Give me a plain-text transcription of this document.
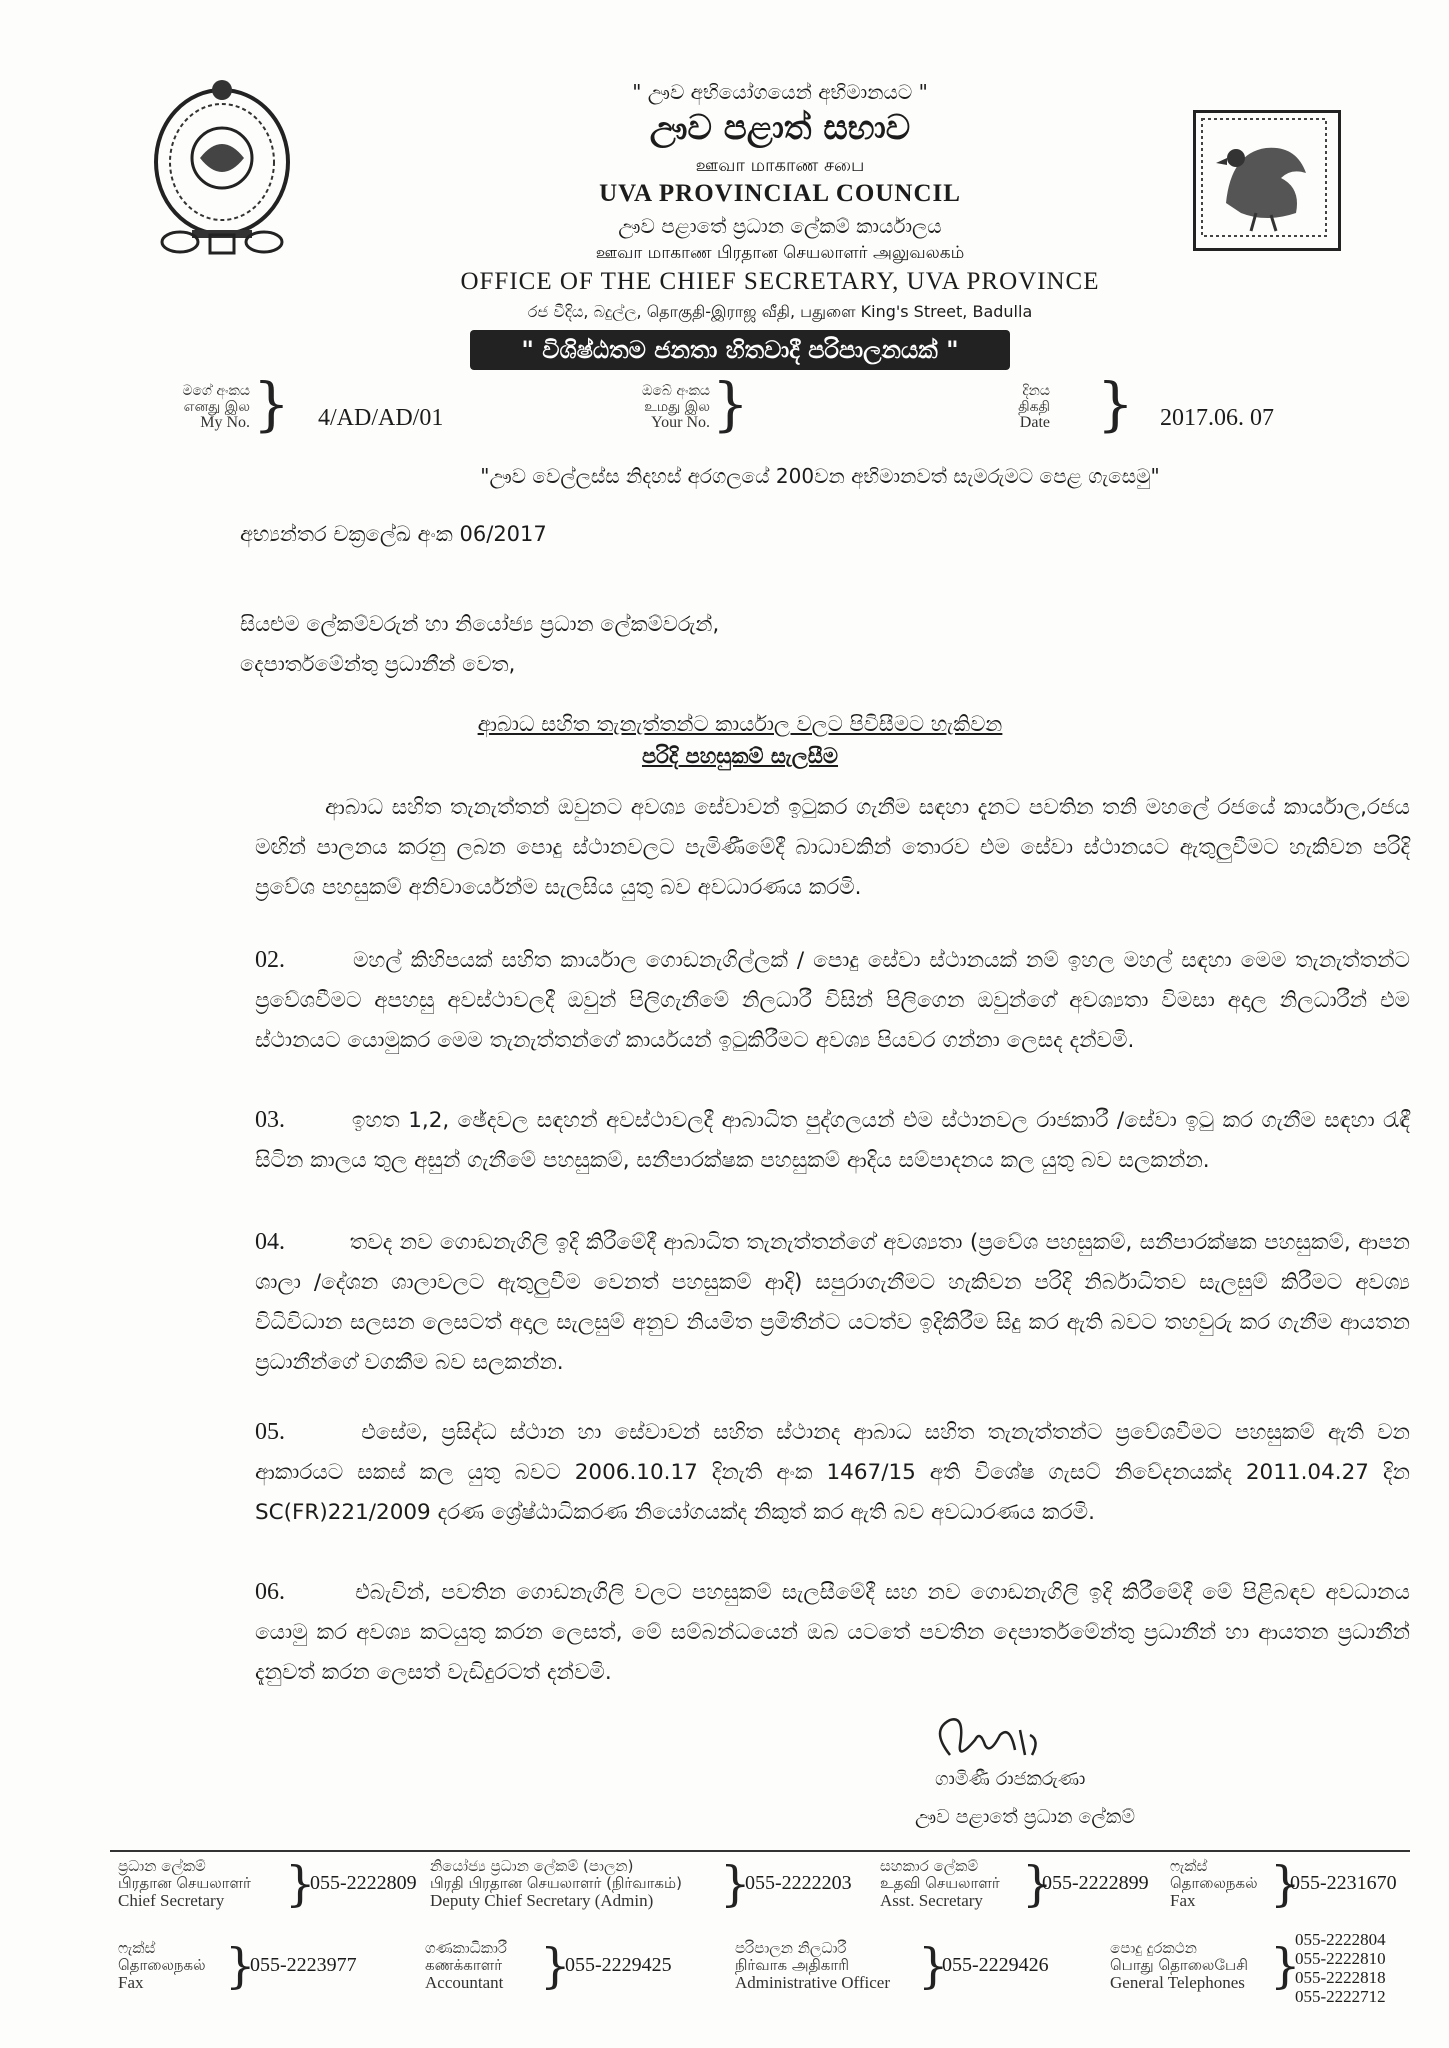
" ඌව අභියෝගයෙන් අභිමානයට "
ඌව පළාත් සභාව
ஊவா மாகாண சபை
UVA PROVINCIAL COUNCIL
ඌව පළාතේ ප්‍රධාන ලේකම් කාර්යාලය
ஊவா மாகாண பிரதான செயலாளர் அலுவலகம்
OFFICE OF THE CHIEF SECRETARY, UVA PROVINCE
රජ වීදිය, බදුල්ල, தொகுதி-இராஜ வீதி, பதுளை King's Street, Badulla
" විශිෂ්ඨතම ජනතා හිතවාදී පරිපාලනයක් "
මගේ අංකය
எனது இல
My No. } 4/AD/AD/01
ඔබේ අංකය
உமது இல
Your No. }	දිනය
திகதி
Date } 2017.06. 07
"ඌව වෙල්ලස්ස නිදහස් අරගලයේ 200වන අභිමානවත් සැමරුමට පෙළ ගැසෙමු"
අභ්‍යන්තර චක්‍රලේඛ අංක 06/2017
සියළුම ලේකම්වරුන් හා නියෝජ්‍ය ප්‍රධාන ලේකම්වරුන්,
දෙපාර්තමේන්තු ප්‍රධානීන් වෙත,
ආබාධ සහිත තැනැත්තන්ට කාර්යාල වලට පිවිසීමට හැකිවන
පරිදි පහසුකම් සැලසීම
ආබාධ සහිත තැනැත්තන් ඔවුනට අවශ්‍ය සේවාවන් ඉටුකර ගැනීම සඳහා දැනට පවතින තනි මහලේ රජයේ කාර්යාල,රජය මඟින් පාලනය කරනු ලබන පොදු ස්ථානවලට පැමිණීමේදී බාධාවකින් තොරව එම සේවා ස්ථානයට ඇතුලුවීමට හැකිවන පරිදි ප්‍රවේශ පහසුකම් අනිවාර්යෙන්ම සැලසිය යුතු බව අවධාරණය කරමි.
02.	මහල් කිහිපයක් සහිත කාර්යාල ගොඩනැගිල්ලක් / පොදු සේවා ස්ථානයක් නම් ඉහල මහල් සඳහා මෙම තැනැත්තන්ට ප්‍රවේශවීමට අපහසු අවස්ථාවලදී ඔවුන් පිලිගැනීමේ නිලධාරී විසින් පිලිගෙන ඔවුන්ගේ අවශ්‍යතා විමසා අදාල නිලධාරීන් එම ස්ථානයට යොමුකර මෙම තැනැත්තන්ගේ කාර්යයන් ඉටුකිරීමට අවශ්‍ය පියවර ගන්නා ලෙසද දන්වමි.
03.	ඉහත 1,2, ඡේදවල සඳහන් අවස්ථාවලදී ආබාධිත පුද්ගලයන් එම ස්ථානවල රාජකාරී /සේවා ඉටු කර ගැනීම සඳහා රැඳී සිටින කාලය තුල අසුන් ගැනීමේ පහසුකම්, සනීපාරක්ෂක පහසුකම් ආදිය සම්පාදනය කල යුතු බව සලකන්න.
04.	තවද නව ගොඩනැගිලි ඉදි කිරීමේදී ආබාධිත තැනැත්තන්ගේ අවශ්‍යතා (ප්‍රවේශ පහසුකම්, සනීපාරක්ෂක පහසුකම්, ආපන ශාලා /දේශන ශාලාවලට ඇතුලුවීම වෙනත් පහසුකම් ආදි) සපුරාගැනීමට හැකිවන පරිදි නිර්බාධිතව සැලසුම් කිරීමට අවශ්‍ය විධිවිධාන සලසන ලෙසටත් අදාල සැලසුම් අනුව නියමිත ප්‍රමිතීන්ට යටත්ව ඉදිකිරීම සිදු කර ඇති බවට තහවුරු කර ගැනීම ආයතන ප්‍රධානීන්ගේ වගකීම බව සලකන්න.
05.	එසේම, ප්‍රසිද්ධ ස්ථාන හා සේවාවන් සහිත ස්ථානද ආබාධ සහිත තැනැත්තන්ට ප්‍රවේශවීමට පහසුකම් ඇති වන ආකාරයට සකස් කල යුතු බවට 2006.10.17 දිනැති අංක 1467/15 අති විශේෂ ගැසට් නිවේදනයක්ද 2011.04.27 දින SC(FR)221/2009 දරණ ශ්‍රේෂ්ඨාධිකරණ නියෝගයක්ද නිකුත් කර ඇති බව අවධාරණය කරමි.
06.	එබැවින්, පවතින ගොඩනැගිලි වලට පහසුකම් සැලසීමේදී සහ නව ගොඩනැගිලි ඉදි කිරීමේදී මේ පිළිබඳව අවධානය යොමු කර අවශ්‍ය කටයුතු කරන ලෙසත්, මේ සම්බන්ධයෙන් ඔබ යටතේ පවතින දෙපාර්තමේන්තු ප්‍රධානීන් හා ආයතන ප්‍රධානීන් දැනුවත් කරන ලෙසත් වැඩිදුරටත් දන්වමි.
ගාමිණී රාජකරුණා
ඌව පළාතේ ප්‍රධාන ලේකම්
ප්‍රධාන ලේකම්
பிரதான செயலாளர்
Chief Secretary	}
055-2222809
නියෝජ්‍ය ප්‍රධාන ලේකම් (පාලන)
பிரதி பிரதான செயலாளர் (நிர்வாகம்)
Deputy Chief Secretary (Admin)	}
055-2222203
සහකාර ලේකම්
உதவி செயலாளர்
Asst. Secretary }
055-2222899
ෆැක්ස්
தொலைநகல்
Fax	}
055-2231670
ෆැක්ස්
தொலைநகல்
Fax	}
055-2223977
ගණකාධිකාරී
கணக்காளர்
Accountant }
055-2229425
පරිපාලන නිලධාරී
நிர்வாக அதிகாரி
Administrative Officer }
055-2229426
පොදු දුරකථන
பொது தொலைபேசி
General Telephones }
055-2222804
055-2222810
055-2222818
055-2222712
